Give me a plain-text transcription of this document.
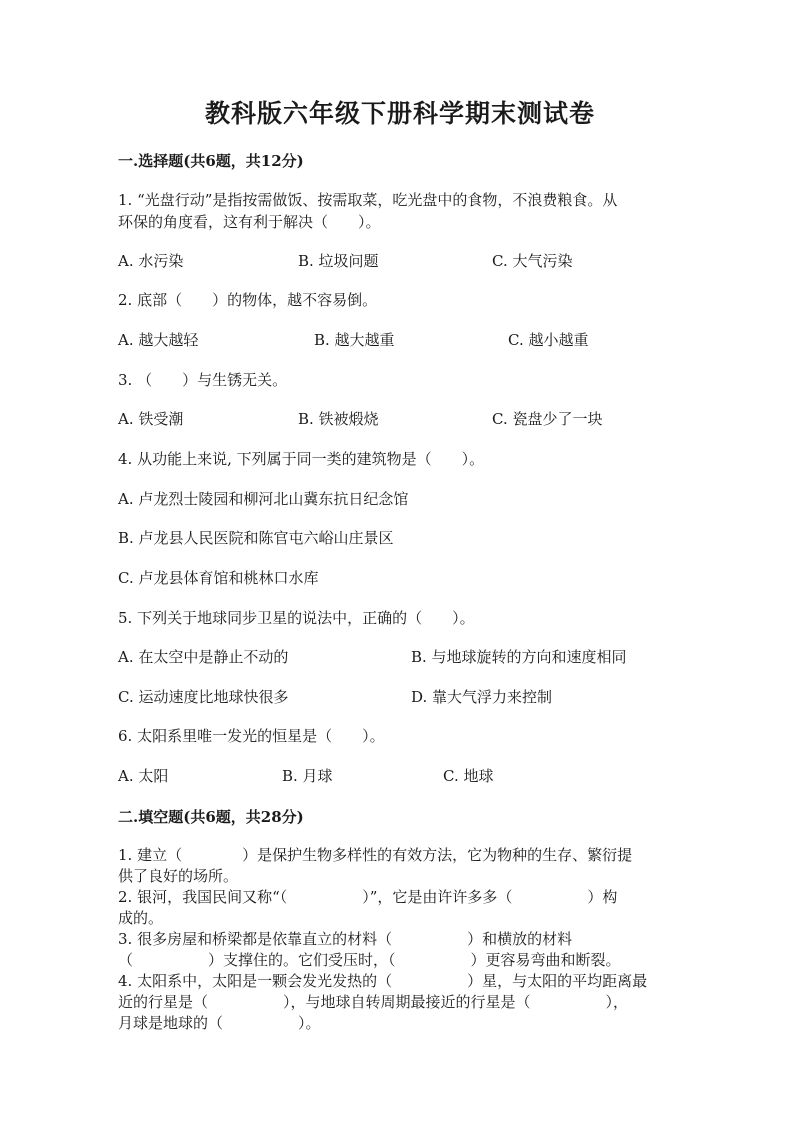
教科版六年级下册科学期末测试卷
一.选择题(共6题，共12分)
1. “光盘行动”是指按需做饭、按需取菜，吃光盘中的食物，不浪费粮食。从
环保的角度看，这有利于解决（　　）。
A. 水污染	B. 垃圾问题	C. 大气污染
2. 底部（　　）的物体，越不容易倒。
A. 越大越轻	B. 越大越重	C. 越小越重
3. （　　）与生锈无关。
A. 铁受潮	B. 铁被煅烧	C. 瓷盘少了一块
4. 从功能上来说, 下列属于同一类的建筑物是（　　）。
A. 卢龙烈士陵园和柳河北山冀东抗日纪念馆
B. 卢龙县人民医院和陈官屯六峪山庄景区
C. 卢龙县体育馆和桃林口水库
5. 下列关于地球同步卫星的说法中，正确的（　　）。
A. 在太空中是静止不动的	B. 与地球旋转的方向和速度相同
C. 运动速度比地球快很多	D. 靠大气浮力来控制
6. 太阳系里唯一发光的恒星是（　　）。
A. 太阳	B. 月球	C. 地球
二.填空题(共6题，共28分)
1. 建立（　　　　）是保护生物多样性的有效方法，它为物种的生存、繁衍提
供了良好的场所。
2. 银河，我国民间又称“（　　　　　）”，它是由许许多多（　　　　　）构
成的。
3. 很多房屋和桥梁都是依靠直立的材料（　　　　　）和横放的材料
（　　　　　）支撑住的。它们受压时，（　　　　　）更容易弯曲和断裂。
4. 太阳系中，太阳是一颗会发光发热的（　　　　　）星，与太阳的平均距离最
近的行星是（　　　　　），与地球自转周期最接近的行星是（　　　　　），
月球是地球的（　　　　　）。
